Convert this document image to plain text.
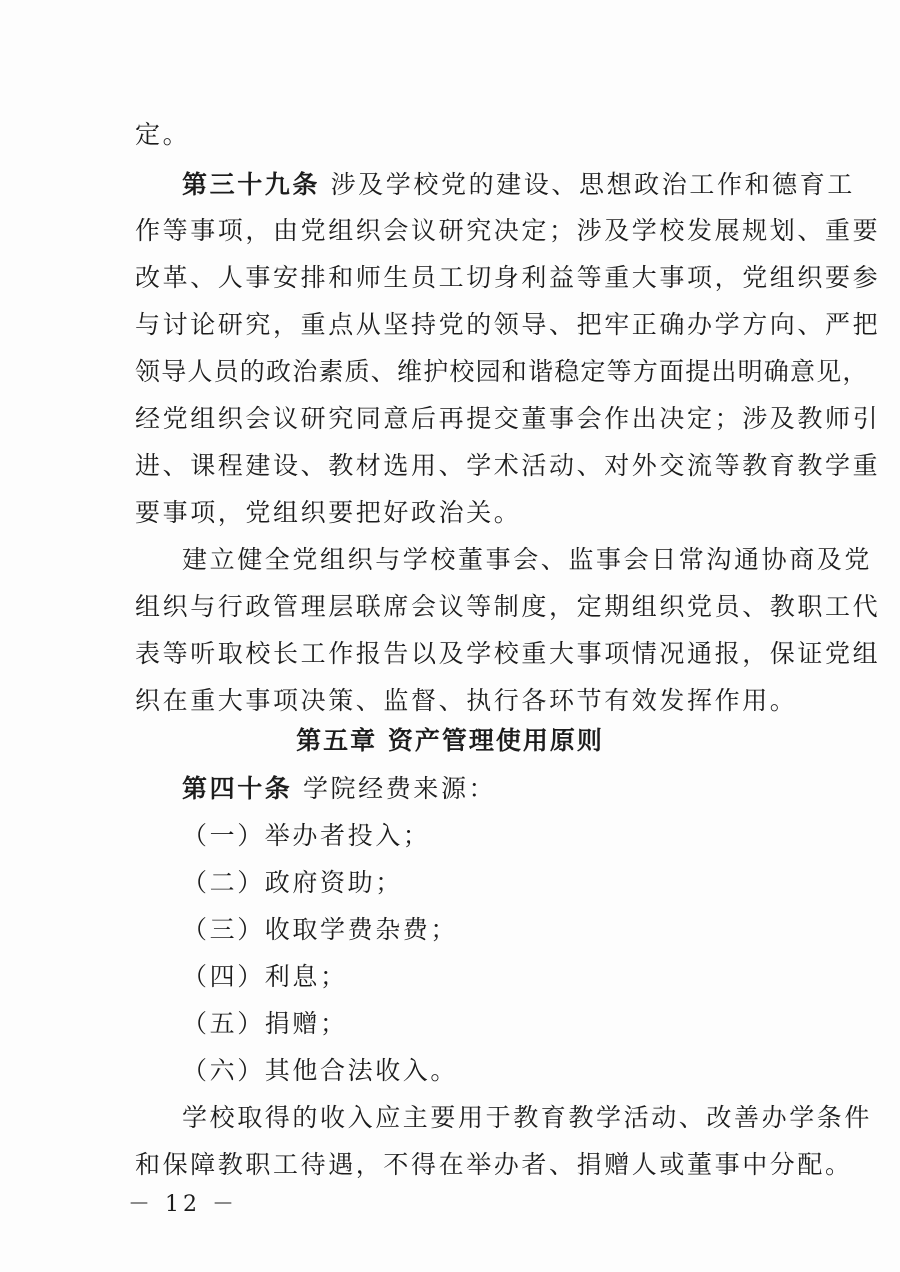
定。
第三十九条 涉及学校党的建设、思想政治工作和德育工
作等事项，由党组织会议研究决定；涉及学校发展规划、重要
改革、人事安排和师生员工切身利益等重大事项，党组织要参
与讨论研究，重点从坚持党的领导、把牢正确办学方向、严把
领导人员的政治素质、维护校园和谐稳定等方面提出明确意见，
经党组织会议研究同意后再提交董事会作出决定；涉及教师引
进、课程建设、教材选用、学术活动、对外交流等教育教学重
要事项，党组织要把好政治关。
建立健全党组织与学校董事会、监事会日常沟通协商及党
组织与行政管理层联席会议等制度，定期组织党员、教职工代
表等听取校长工作报告以及学校重大事项情况通报，保证党组
织在重大事项决策、监督、执行各环节有效发挥作用。
第五章 资产管理使用原则
第四十条 学院经费来源：
（一）举办者投入；
（二）政府资助；
（三）收取学费杂费；
（四）利息；
（五）捐赠；
（六）其他合法收入。
学校取得的收入应主要用于教育教学活动、改善办学条件
和保障教职工待遇，不得在举办者、捐赠人或董事中分配。
－ 12 －
